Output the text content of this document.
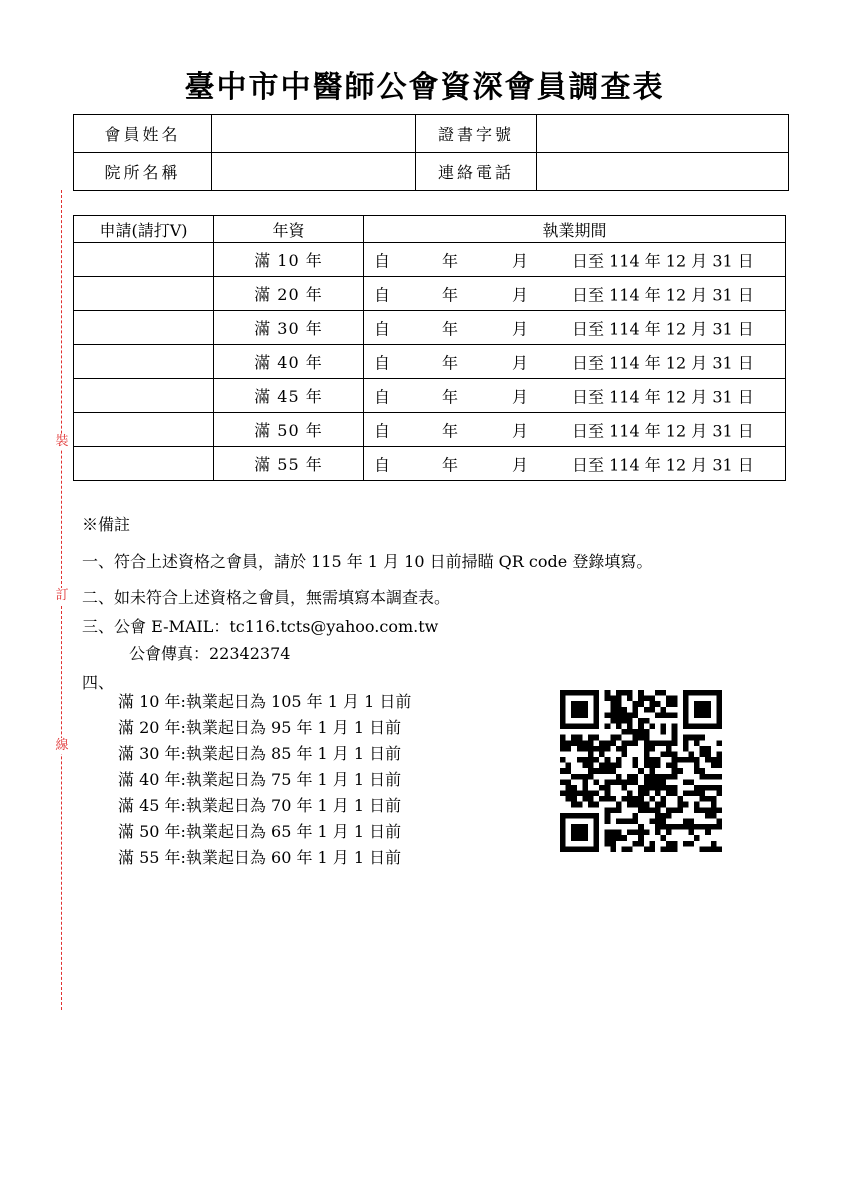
臺中市中醫師公會資深會員調查表
裝
訂
線
會員姓名		證書字號	
院所名稱		連絡電話	
申請(請打V)	年資	執業期間
	滿 10 年	自 年 月 日至 114 年 12 月 31 日

	滿 20 年	自 年 月 日至 114 年 12 月 31 日

	滿 30 年	自 年 月 日至 114 年 12 月 31 日

	滿 40 年	自 年 月 日至 114 年 12 月 31 日

	滿 45 年	自 年 月 日至 114 年 12 月 31 日

	滿 50 年	自 年 月 日至 114 年 12 月 31 日

	滿 55 年	自 年 月 日至 114 年 12 月 31 日
※備註
一、符合上述資格之會員，請於 115 年 1 月 10 日前掃瞄 QR code 登錄填寫。
二、如未符合上述資格之會員，無需填寫本調查表。
三、公會 E-MAIL：tc116.tcts@yahoo.com.tw
公會傳真：22342374
四、
滿 10 年:執業起日為 105 年 1 月 1 日前
滿 20 年:執業起日為 95 年 1 月 1 日前
滿 30 年:執業起日為 85 年 1 月 1 日前
滿 40 年:執業起日為 75 年 1 月 1 日前
滿 45 年:執業起日為 70 年 1 月 1 日前
滿 50 年:執業起日為 65 年 1 月 1 日前
滿 55 年:執業起日為 60 年 1 月 1 日前
